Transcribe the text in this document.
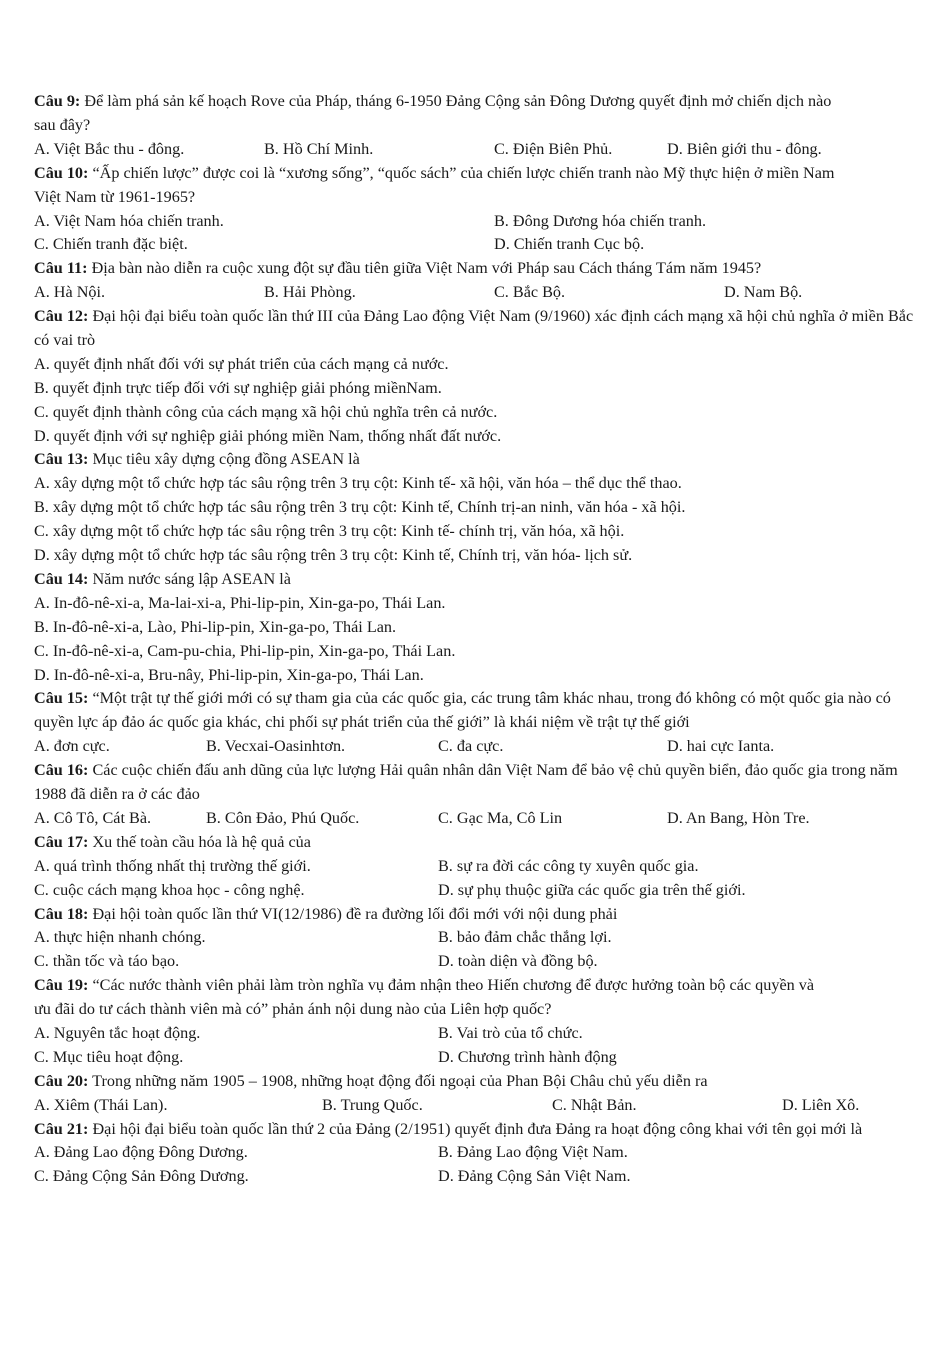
Câu 9: Để làm phá sản kế hoạch Rove của Pháp, tháng 6-1950 Đảng Cộng sản Đông Dương quyết định mở chiến dịch nào sau đây?

A. Việt Bắc thu - đông.	B. Hồ Chí Minh.	C. Điện Biên Phủ.	D. Biên giới thu - đông.

Câu 10: “Ấp chiến lược” được coi là “xương sống”, “quốc sách” của chiến lược chiến tranh nào Mỹ thực hiện ở miền Nam Việt Nam từ 1961-1965?

A. Việt Nam hóa chiến tranh.	B. Đông Dương hóa chiến tranh.
C. Chiến tranh đặc biệt.	D. Chiến tranh Cục bộ.

Câu 11: Địa bàn nào diễn ra cuộc xung đột sự đầu tiên giữa Việt Nam với Pháp sau Cách tháng Tám năm 1945?

A. Hà Nội.	B. Hải Phòng.	C. Bắc Bộ.	D. Nam Bộ.

Câu 12: Đại hội đại biểu toàn quốc lần thứ III của Đảng Lao động Việt Nam (9/1960) xác định cách mạng xã hội chủ nghĩa ở miền Bắc có vai trò

A. quyết định nhất đối với sự phát triển của cách mạng cả nước.
B. quyết định trực tiếp đối với sự nghiệp giải phóng miềnNam.
C. quyết định thành công của cách mạng xã hội chủ nghĩa trên cả nước.
D. quyết định với sự nghiệp giải phóng miền Nam, thống nhất đất nước.

Câu 13: Mục tiêu xây dựng cộng đồng ASEAN là

A. xây dựng một tổ chức hợp tác sâu rộng trên 3 trụ cột: Kinh tế- xã hội, văn hóa – thể dục thể thao.
B. xây dựng một tổ chức hợp tác sâu rộng trên 3 trụ cột: Kinh tế, Chính trị-an ninh, văn hóa - xã hội.
C. xây dựng một tổ chức hợp tác sâu rộng trên 3 trụ cột: Kinh tế- chính trị, văn hóa, xã hội.
D. xây dựng một tổ chức hợp tác sâu rộng trên 3 trụ cột: Kinh tế, Chính trị, văn hóa- lịch sử.

Câu 14: Năm nước sáng lập ASEAN là

A. In-đô-nê-xi-a, Ma-lai-xi-a, Phi-lip-pin, Xin-ga-po, Thái Lan.
B. In-đô-nê-xi-a, Lào, Phi-lip-pin, Xin-ga-po, Thái Lan.
C. In-đô-nê-xi-a, Cam-pu-chia, Phi-lip-pin, Xin-ga-po, Thái Lan.
D. In-đô-nê-xi-a, Bru-nây, Phi-lip-pin, Xin-ga-po, Thái Lan.

Câu 15: “Một trật tự thế giới mới có sự tham gia của các quốc gia, các trung tâm khác nhau, trong đó không có một quốc gia nào có quyền lực áp đảo ác quốc gia khác, chi phối sự phát triển của thế giới” là khái niệm về trật tự thế giới

A. đơn cực.	B. Vecxai-Oasinhtơn.	C. đa cực.	D. hai cực Ianta.

Câu 16: Các cuộc chiến đấu anh dũng của lực lượng Hải quân nhân dân Việt Nam để bảo vệ chủ quyền biển, đảo quốc gia trong năm 1988 đã diễn ra ở các đảo

A. Cô Tô, Cát Bà.	B. Côn Đảo, Phú Quốc.	C. Gạc Ma, Cô Lin	D. An Bang, Hòn Tre.

Câu 17: Xu thế toàn cầu hóa là hệ quả của

A. quá trình thống nhất thị trường thế giới.	B. sự ra đời các công ty xuyên quốc gia.
C. cuộc cách mạng khoa học - công nghệ.	D. sự phụ thuộc giữa các quốc gia trên thế giới.

Câu 18: Đại hội toàn quốc lần thứ VI(12/1986) đề ra đường lối đổi mới với nội dung phải

A. thực hiện nhanh chóng.	B. bảo đảm chắc thắng lợi.
C. thần tốc và táo bạo.	D. toàn diện và đồng bộ.

Câu 19: “Các nước thành viên phải làm tròn nghĩa vụ đảm nhận theo Hiến chương để được hưởng toàn bộ các quyền và ưu đãi do tư cách thành viên mà có” phản ánh nội dung nào của Liên hợp quốc?

A. Nguyên tắc hoạt động.	B. Vai trò của tổ chức.
C. Mục tiêu hoạt động.	D. Chương trình hành động

Câu 20: Trong những năm 1905 – 1908, những hoạt động đối ngoại của Phan Bội Châu chủ yếu diễn ra

A. Xiêm (Thái Lan).	B. Trung Quốc.	C. Nhật Bản.	D. Liên Xô.

Câu 21: Đại hội đại biểu toàn quốc lần thứ 2 của Đảng (2/1951) quyết định đưa Đảng ra hoạt động công khai với tên gọi mới là

A. Đảng Lao động Đông Dương.	B. Đảng Lao động Việt Nam.
C. Đảng Cộng Sản Đông Dương.	D. Đảng Cộng Sản Việt Nam.
